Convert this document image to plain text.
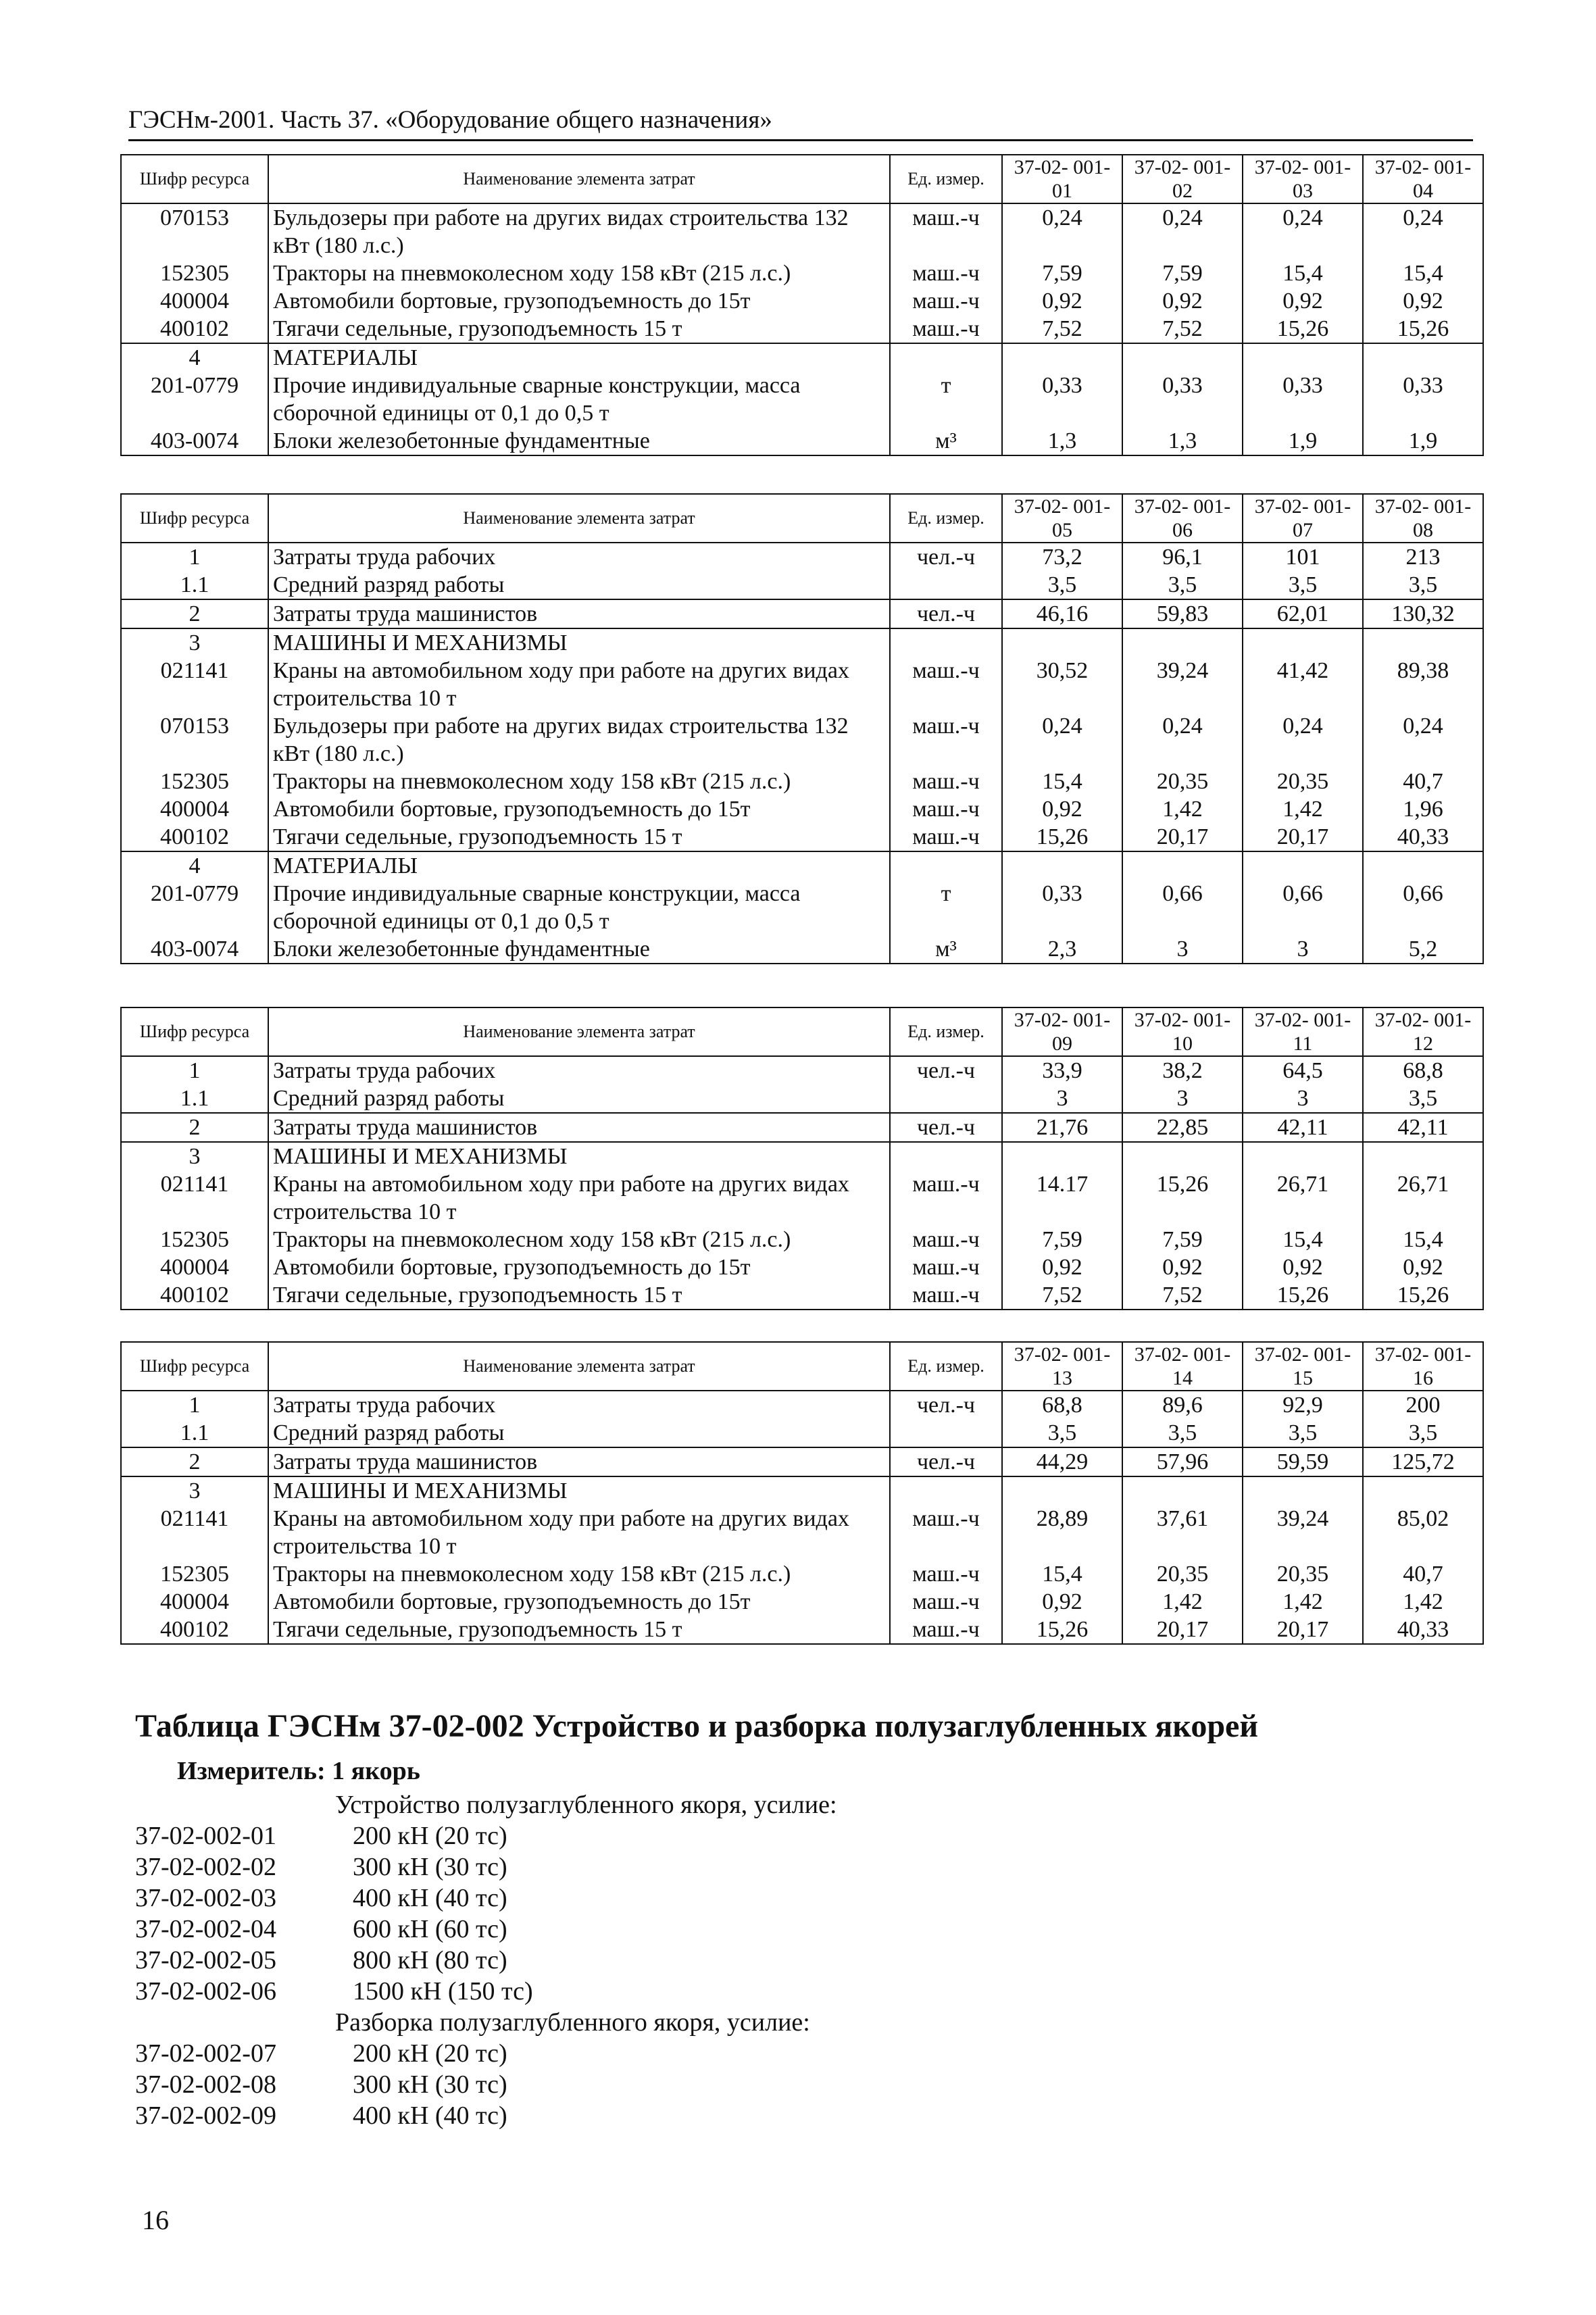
ГЭСНм-2001. Часть 37. «Оборудование общего назначения»
Шифр ресурса	Наименование элемента затрат	Ед. измер.	37-02- 001-01	37-02- 001-02	37-02- 001-03	37-02- 001-04
070153	Бульдозеры при работе на других видах строительства 132 кВт (180 л.с.)	маш.-ч	0,24	0,24	0,24	0,24
152305	Тракторы на пневмоколесном ходу 158 кВт (215 л.с.)	маш.-ч	7,59	7,59	15,4	15,4
400004	Автомобили бортовые, грузоподъемность до 15т	маш.-ч	0,92	0,92	0,92	0,92
400102	Тягачи седельные, грузоподъемность 15 т	маш.-ч	7,52	7,52	15,26	15,26
4	МАТЕРИАЛЫ					
201-0779	Прочие индивидуальные сварные конструкции, масса сборочной единицы от 0,1 до 0,5 т	т	0,33	0,33	0,33	0,33
403-0074	Блоки железобетонные фундаментные	м³	1,3	1,3	1,9	1,9
Шифр ресурса	Наименование элемента затрат	Ед. измер.	37-02- 001-05	37-02- 001-06	37-02- 001-07	37-02- 001-08
1	Затраты труда рабочих	чел.-ч	73,2	96,1	101	213
1.1	Средний разряд работы		3,5	3,5	3,5	3,5
2	Затраты труда машинистов	чел.-ч	46,16	59,83	62,01	130,32
3	МАШИНЫ И МЕХАНИЗМЫ					
021141	Краны на автомобильном ходу при работе на других видах строительства 10 т	маш.-ч	30,52	39,24	41,42	89,38
070153	Бульдозеры при работе на других видах строительства 132 кВт (180 л.с.)	маш.-ч	0,24	0,24	0,24	0,24
152305	Тракторы на пневмоколесном ходу 158 кВт (215 л.с.)	маш.-ч	15,4	20,35	20,35	40,7
400004	Автомобили бортовые, грузоподъемность до 15т	маш.-ч	0,92	1,42	1,42	1,96
400102	Тягачи седельные, грузоподъемность 15 т	маш.-ч	15,26	20,17	20,17	40,33
4	МАТЕРИАЛЫ					
201-0779	Прочие индивидуальные сварные конструкции, масса сборочной единицы от 0,1 до 0,5 т	т	0,33	0,66	0,66	0,66
403-0074	Блоки железобетонные фундаментные	м³	2,3	3	3	5,2
Шифр ресурса	Наименование элемента затрат	Ед. измер.	37-02- 001-09	37-02- 001-10	37-02- 001-11	37-02- 001-12
1	Затраты труда рабочих	чел.-ч	33,9	38,2	64,5	68,8
1.1	Средний разряд работы		3	3	3	3,5
2	Затраты труда машинистов	чел.-ч	21,76	22,85	42,11	42,11
3	МАШИНЫ И МЕХАНИЗМЫ					
021141	Краны на автомобильном ходу при работе на других видах строительства 10 т	маш.-ч	14.17	15,26	26,71	26,71
152305	Тракторы на пневмоколесном ходу 158 кВт (215 л.с.)	маш.-ч	7,59	7,59	15,4	15,4
400004	Автомобили бортовые, грузоподъемность до 15т	маш.-ч	0,92	0,92	0,92	0,92
400102	Тягачи седельные, грузоподъемность 15 т	маш.-ч	7,52	7,52	15,26	15,26
Шифр ресурса	Наименование элемента затрат	Ед. измер.	37-02- 001-13	37-02- 001-14	37-02- 001-15	37-02- 001-16
1	Затраты труда рабочих	чел.-ч	68,8	89,6	92,9	200
1.1	Средний разряд работы		3,5	3,5	3,5	3,5
2	Затраты труда машинистов	чел.-ч	44,29	57,96	59,59	125,72
3	МАШИНЫ И МЕХАНИЗМЫ					
021141	Краны на автомобильном ходу при работе на других видах строительства 10 т	маш.-ч	28,89	37,61	39,24	85,02
152305	Тракторы на пневмоколесном ходу 158 кВт (215 л.с.)	маш.-ч	15,4	20,35	20,35	40,7
400004	Автомобили бортовые, грузоподъемность до 15т	маш.-ч	0,92	1,42	1,42	1,42
400102	Тягачи седельные, грузоподъемность 15 т	маш.-ч	15,26	20,17	20,17	40,33
Таблица ГЭСНм 37-02-002 Устройство и разборка полузаглубленных якорей
Измеритель: 1 якорь
Устройство полузаглубленного якоря, усилие:
37-02-002-01	200 кН (20 тс)
37-02-002-02	300 кН (30 тс)
37-02-002-03	400 кН (40 тс)
37-02-002-04	600 кН (60 тс)
37-02-002-05	800 кН (80 тс)
37-02-002-06	1500 кН (150 тс)
Разборка полузаглубленного якоря, усилие:
37-02-002-07	200 кН (20 тс)
37-02-002-08	300 кН (30 тс)
37-02-002-09	400 кН (40 тс)
16
